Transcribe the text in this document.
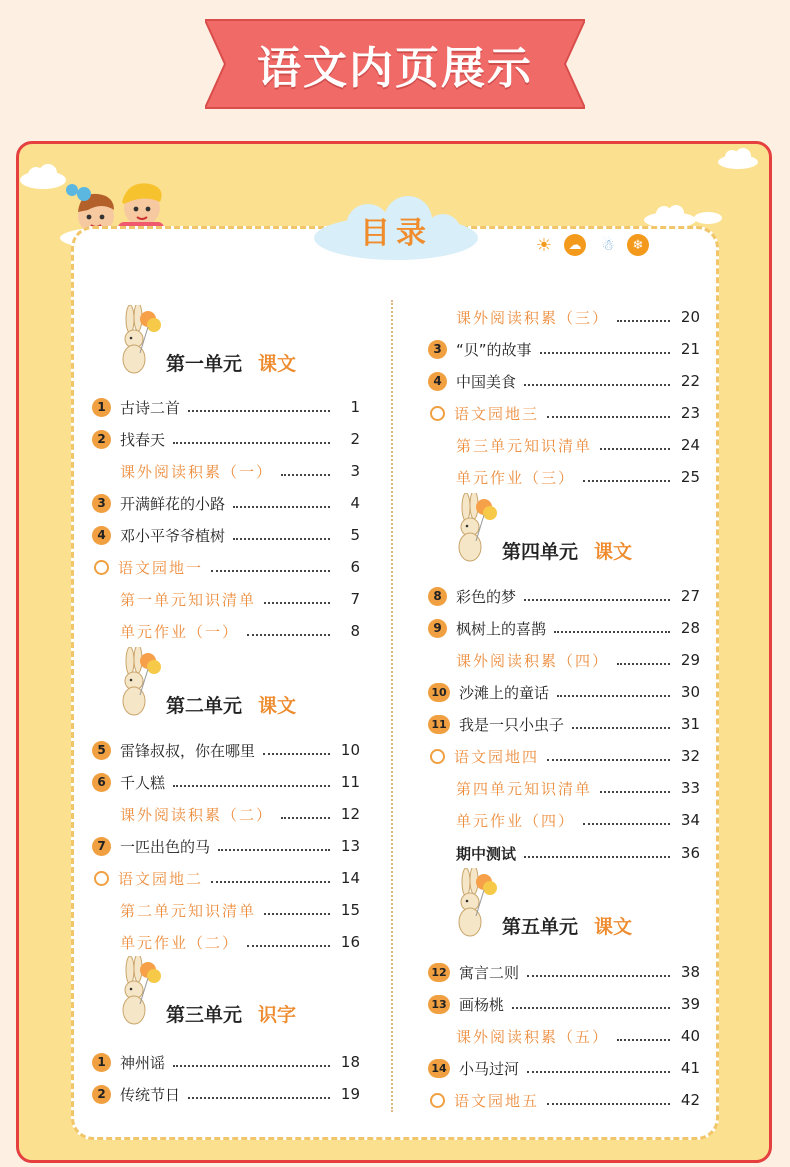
语文内页展示
目录	☀	☁	☃	❄
第一单元 课文
第二单元 课文
第三单元 识字
1 古诗二首	1
2 找春天	2
课外阅读积累（一）	3
3 开满鲜花的小路	4
4 邓小平爷爷植树	5
语文园地一	6
第一单元知识清单	7
单元作业（一）	8
5 雷锋叔叔，你在哪里	10
6 千人糕	11
课外阅读积累（二）	12
7 一匹出色的马	13
语文园地二	14
第二单元知识清单	15
单元作业（二）	16
1 神州谣	18
2 传统节日	19
第四单元 课文
第五单元 课文
课外阅读积累（三）	20
3 “贝”的故事	21
4 中国美食	22
语文园地三	23
第三单元知识清单	24
单元作业（三）	25
8 彩色的梦	27
9 枫树上的喜鹊	28
课外阅读积累（四）	29
10 沙滩上的童话	30
11 我是一只小虫子	31
语文园地四	32
第四单元知识清单	33
单元作业（四）	34
期中测试	36
12 寓言二则	38
13 画杨桃	39
课外阅读积累（五）	40
14 小马过河	41
语文园地五	42
